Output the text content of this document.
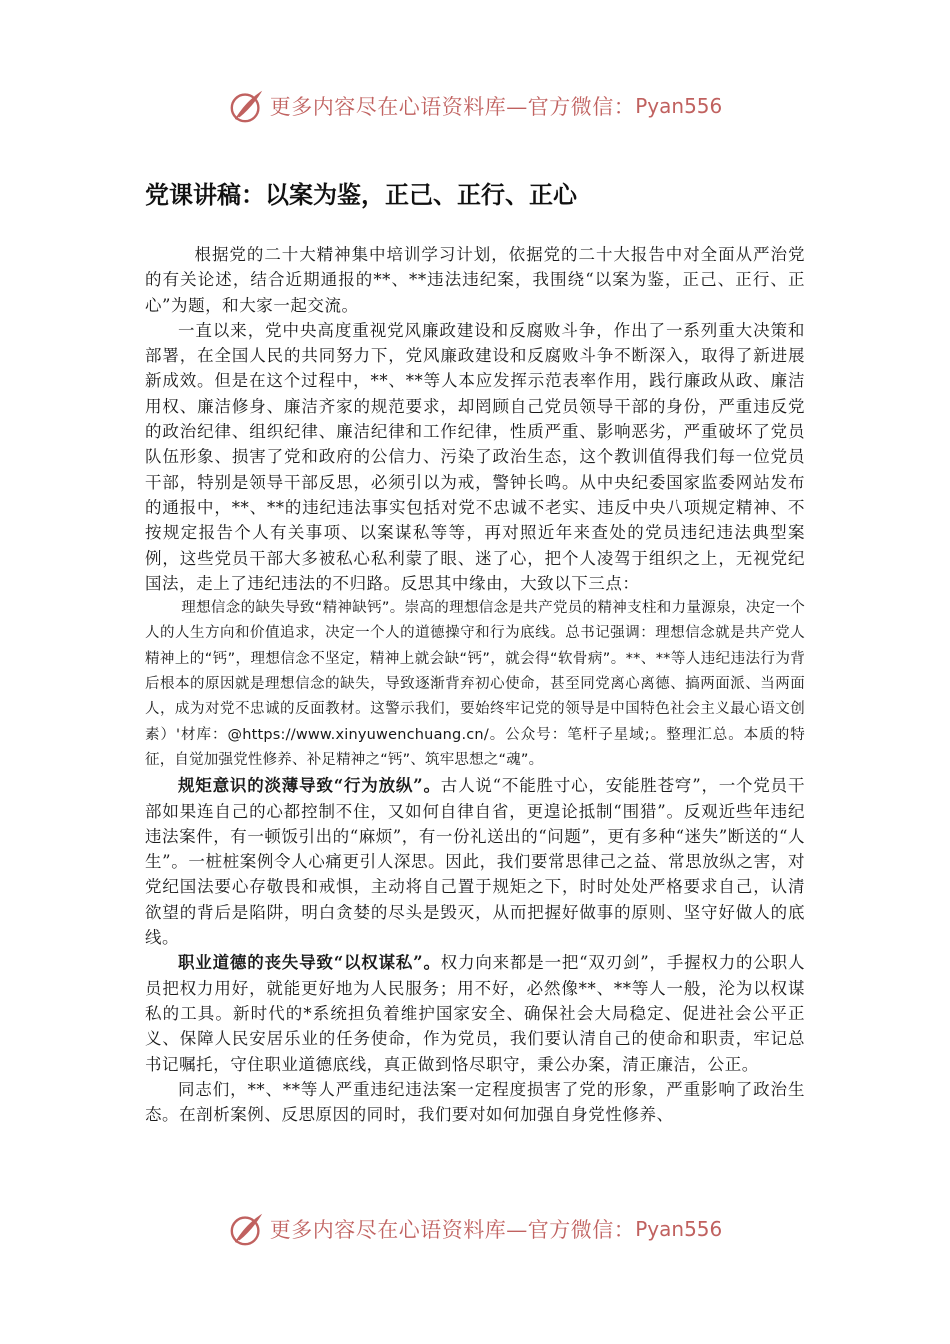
更多内容尽在心语资料库—官方微信： Pyan556
党课讲稿：以案为鉴，正己、正行、正心

根据党的二十大精神集中培训学习计划，依据党的二十大报告中对全面从严治党的有关论述，结合近期通报的**、**违法违纪案，我围绕“以案为鉴，正己、正行、正心”为题，和大家一起交流。

一直以来，党中央高度重视党风廉政建设和反腐败斗争，作出了一系列重大决策和部署，在全国人民的共同努力下，党风廉政建设和反腐败斗争不断深入，取得了新进展新成效。但是在这个过程中，**、**等人本应发挥示范表率作用，践行廉政从政、廉洁用权、廉洁修身、廉洁齐家的规范要求，却罔顾自己党员领导干部的身份，严重违反党的政治纪律、组织纪律、廉洁纪律和工作纪律，性质严重、影响恶劣，严重破坏了党员队伍形象、损害了党和政府的公信力、污染了政治生态，这个教训值得我们每一位党员干部，特别是领导干部反思，必须引以为戒，警钟长鸣。从中央纪委国家监委网站发布的通报中，**、**的违纪违法事实包括对党不忠诚不老实、违反中央八项规定精神、不按规定报告个人有关事项、以案谋私等等，再对照近年来查处的党员违纪违法典型案例，这些党员干部大多被私心私利蒙了眼、迷了心，把个人凌驾于组织之上，无视党纪国法，走上了违纪违法的不归路。反思其中缘由，大致以下三点：

理想信念的缺失导致“精神缺钙”。崇高的理想信念是共产党员的精神支柱和力量源泉，决定一个人的人生方向和价值追求，决定一个人的道德操守和行为底线。总书记强调：理想信念就是共产党人精神上的“钙”，理想信念不坚定，精神上就会缺“钙”，就会得“软骨病”。**、**等人违纪违法行为背后根本的原因就是理想信念的缺失，导致逐渐背弃初心使命，甚至同党离心离德、搞两面派、当两面人，成为对党不忠诚的反面教材。这警示我们，要始终牢记党的领导是中国特色社会主义最心语文创素）'材库：@https://www.xinyuwenchuang.cn/。公众号：笔杆子星域;。整理汇总。本质的特征，自觉加强党性修养、补足精神之“钙”、筑牢思想之“魂”。

规矩意识的淡薄导致“行为放纵”。古人说“不能胜寸心，安能胜苍穹”，一个党员干部如果连自己的心都控制不住，又如何自律自省，更遑论抵制“围猎”。反观近些年违纪违法案件，有一顿饭引出的“麻烦”，有一份礼送出的“问题”，更有多种“迷失”断送的“人生”。一桩桩案例令人心痛更引人深思。因此，我们要常思律己之益、常思放纵之害，对党纪国法要心存敬畏和戒惧，主动将自己置于规矩之下，时时处处严格要求自己，认清欲望的背后是陷阱，明白贪婪的尽头是毁灭，从而把握好做事的原则、坚守好做人的底线。

职业道德的丧失导致“以权谋私”。权力向来都是一把“双刃剑”，手握权力的公职人员把权力用好，就能更好地为人民服务；用不好，必然像**、**等人一般，沦为以权谋私的工具。新时代的*系统担负着维护国家安全、确保社会大局稳定、促进社会公平正义、保障人民安居乐业的任务使命，作为党员，我们要认清自己的使命和职责，牢记总书记嘱托，守住职业道德底线，真正做到恪尽职守，秉公办案，清正廉洁，公正。

同志们，**、**等人严重违纪违法案一定程度损害了党的形象，严重影响了政治生态。在剖析案例、反思原因的同时，我们要对如何加强自身党性修养、

更多内容尽在心语资料库—官方微信： Pyan556
